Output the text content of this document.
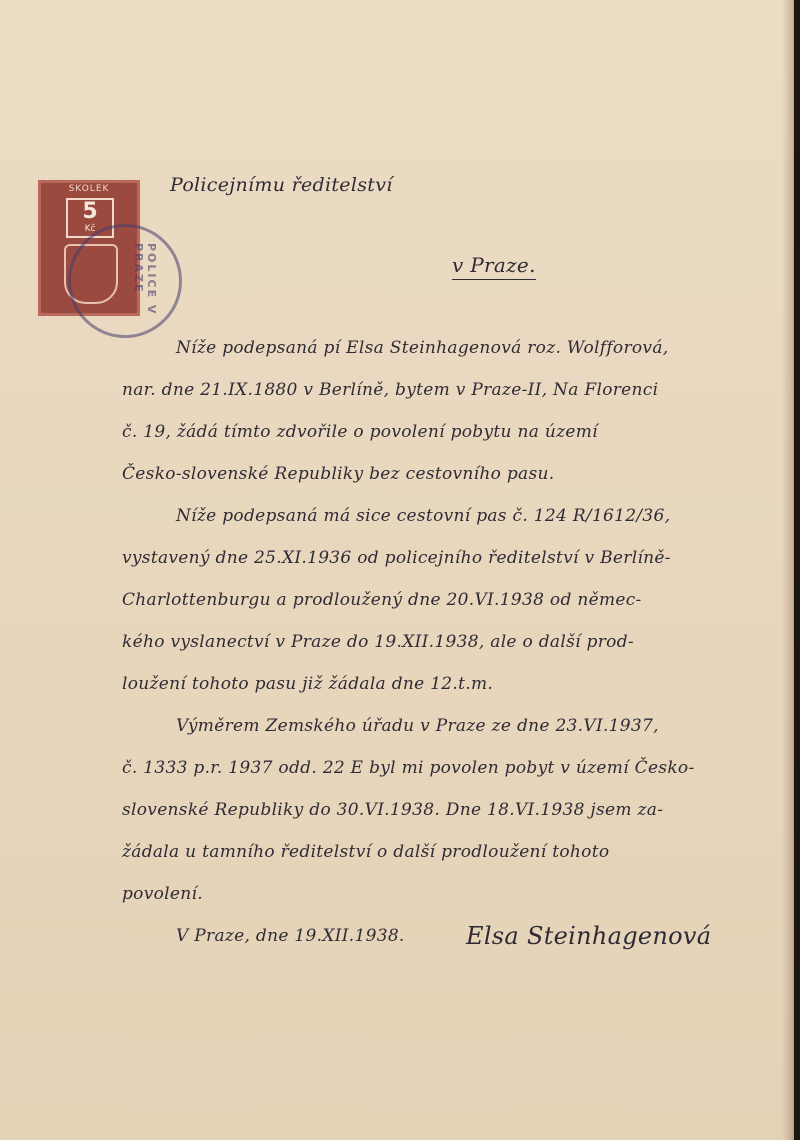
SKOLEK
5
Kč
POLICE V PRAZE
Policejnímu ředitelství
v Praze.
Níže podepsaná pí Elsa Steinhagenová roz. Wolfforová,
nar. dne 21.IX.1880 v Berlíně, bytem v Praze-II, Na Florenci
č. 19, žádá tímto zdvořile o povolení pobytu na území
Česko-slovenské Republiky bez cestovního pasu.
Níže podepsaná má sice cestovní pas č. 124 R/1612/36,
vystavený dne 25.XI.1936 od policejního ředitelství v Berlíně-
Charlottenburgu a prodloužený dne 20.VI.1938 od němec-
kého vyslanectví v Praze do 19.XII.1938, ale o další prod-
loužení tohoto pasu již žádala dne 12.t.m.
Výměrem Zemského úřadu v Praze ze dne 23.VI.1937,
č. 1333 p.r. 1937 odd. 22 E byl mi povolen pobyt v území Česko-
slovenské Republiky do 30.VI.1938. Dne 18.VI.1938 jsem za-
žádala u tamního ředitelství o další prodloužení tohoto
povolení.
V Praze, dne 19.XII.1938.	Elsa Steinhagenová
